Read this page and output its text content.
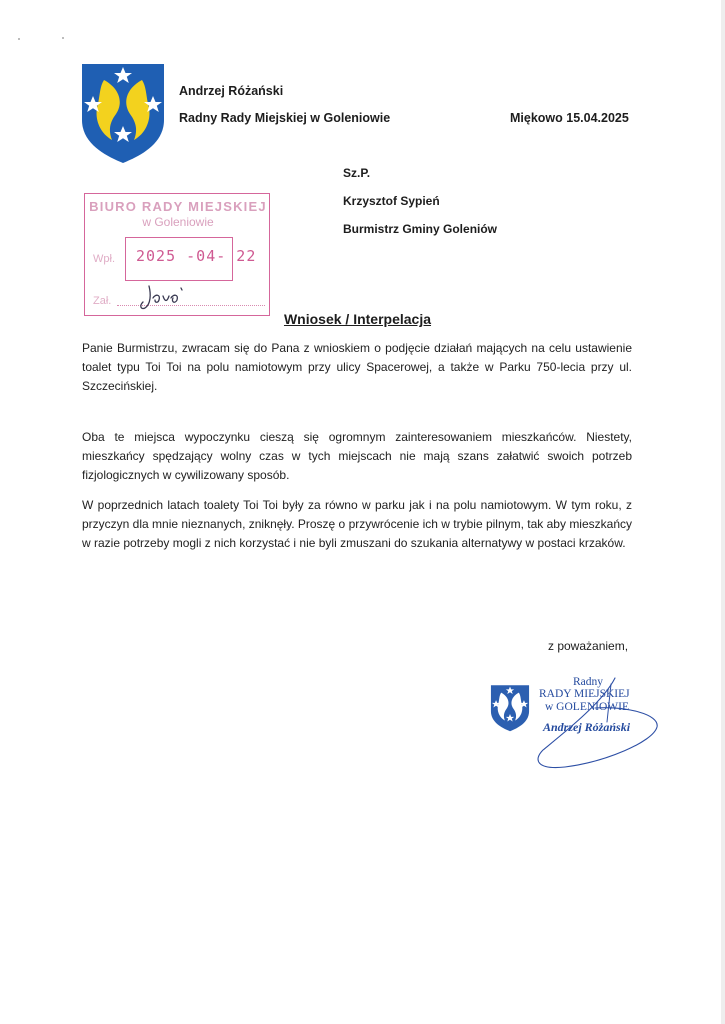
Andrzej Różański
Radny Rady Miejskiej w Goleniowie	Miękowo 15.04.2025
Sz.P.
Krzysztof Sypień
Burmistrz Gminy Goleniów
BIURO RADY MIEJSKIEJ
w Goleniowie
Wpł. 2025 -04- 22
Zał.
Wniosek / Interpelacja
Panie Burmistrzu, zwracam się do Pana z wnioskiem o podjęcie działań mających na celu ustawienie toalet typu Toi Toi na polu namiotowym przy ulicy Spacerowej, a także w Parku 750-lecia przy ul. Szczecińskiej.
Oba te miejsca wypoczynku cieszą się ogromnym zainteresowaniem mieszkańców. Niestety, mieszkańcy spędzający wolny czas w tych miejscach nie mają szans załatwić swoich potrzeb fizjologicznych w cywilizowany sposób.
W poprzednich latach toalety Toi Toi były za równo w parku jak i na polu namiotowym. W tym roku, z przyczyn dla mnie nieznanych, zniknęły. Proszę o przywrócenie ich w trybie pilnym, tak aby mieszkańcy w razie potrzeby mogli z nich korzystać i nie byli zmuszani do szukania alternatywy w postaci krzaków.
z poważaniem,
Radny
RADY MIEJSKIEJ
w GOLENIOWIE
Andrzej Różański
